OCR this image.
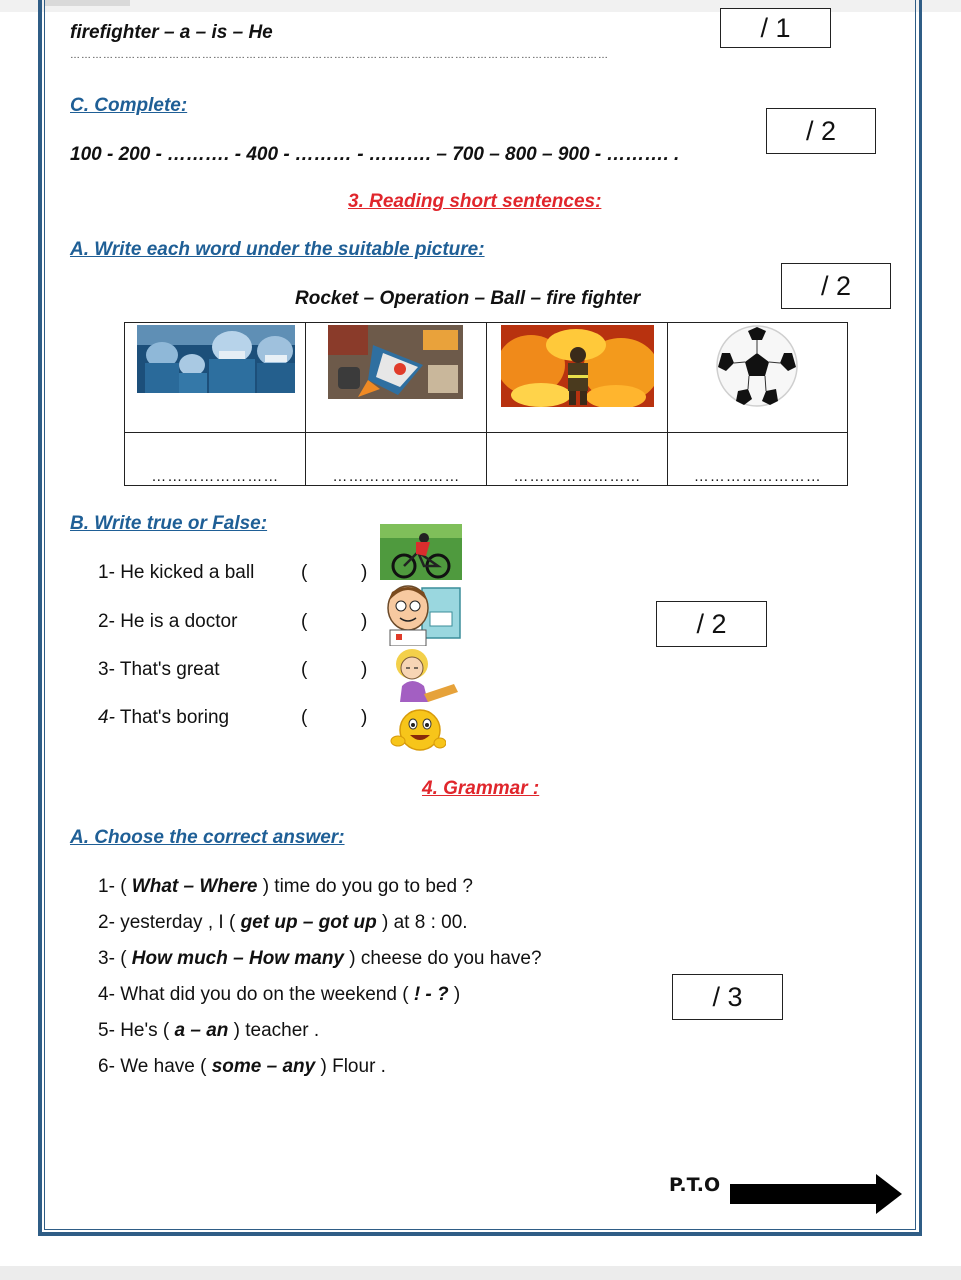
firefighter – a – is – He	/ 1
…………………………………………………………………………………………………………………………………
C. Complete:
100 - 200 - ………. - 400 - ……… - ………. – 700 – 800 – 900 - ………. .
/ 2
3. Reading short sentences:
A. Write each word under the suitable picture:
Rocket – Operation – Ball – fire fighter	/ 2

……………………	……………………	……………………	……………………
B. Write true or False:
1- He kicked a ball (	)
2- He is a doctor	(	)
3- That's great	(	)
4- That's boring	(	)
/ 2
4. Grammar :
A. Choose the correct answer:
1- ( What – Where ) time do you go to bed ?
2- yesterday , I ( get up – got up ) at 8 : 00.
3- ( How much – How many ) cheese do you have?
4- What did you do on the weekend ( ! - ? )
5- He's ( a – an ) teacher .
6- We have ( some – any ) Flour .
/ 3
P.T.O
